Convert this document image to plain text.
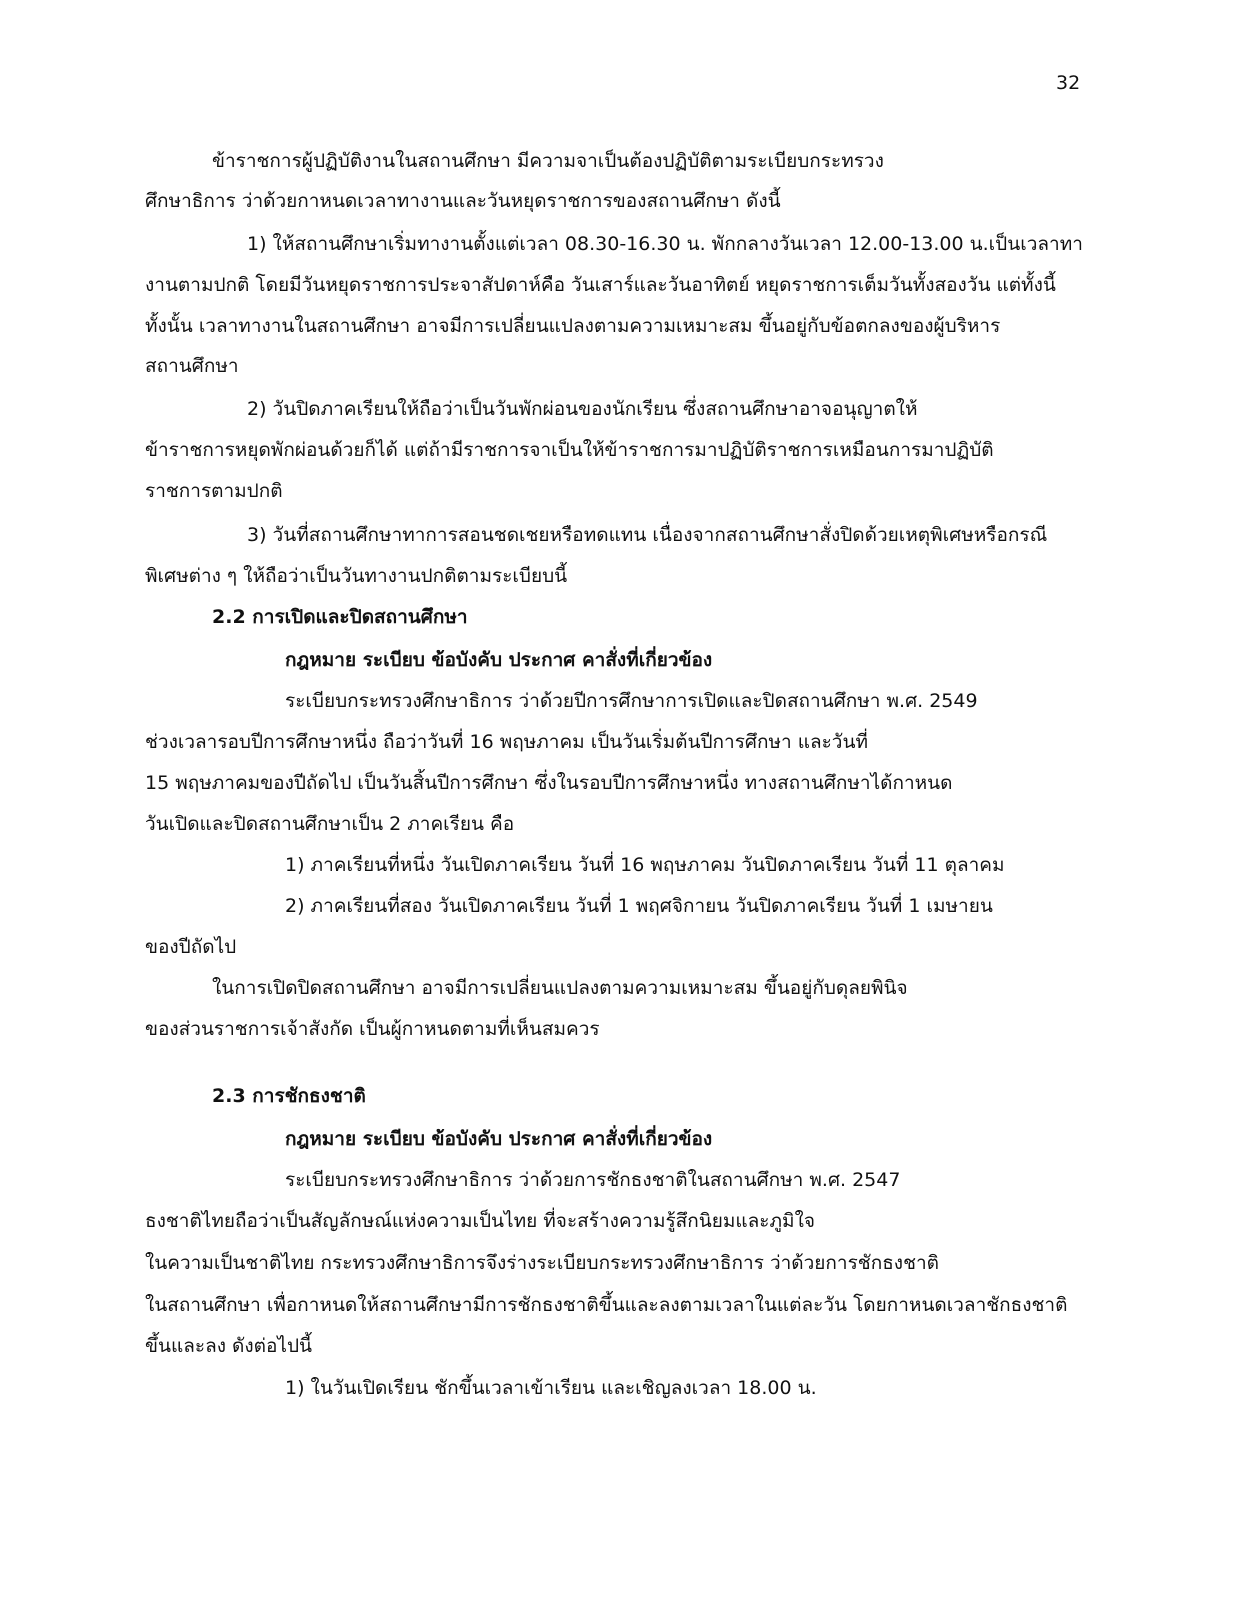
32
ข้าราชการผู้ปฏิบัติงานในสถานศึกษา มีความจาเป็นต้องปฏิบัติตามระเบียบกระทรวง
ศึกษาธิการ ว่าด้วยกาหนดเวลาทางานและวันหยุดราชการของสถานศึกษา ดังนี้
1) ให้สถานศึกษาเริ่มทางานตั้งแต่เวลา 08.30-16.30 น. พักกลางวันเวลา 12.00-13.00 น.เป็นเวลาทา
งานตามปกติ โดยมีวันหยุดราชการประจาสัปดาห์คือ วันเสาร์และวันอาทิตย์ หยุดราชการเต็มวันทั้งสองวัน แต่ทั้งนี้
ทั้งนั้น เวลาทางานในสถานศึกษา อาจมีการเปลี่ยนแปลงตามความเหมาะสม ขึ้นอยู่กับข้อตกลงของผู้บริหาร
สถานศึกษา
2) วันปิดภาคเรียนให้ถือว่าเป็นวันพักผ่อนของนักเรียน ซึ่งสถานศึกษาอาจอนุญาตให้
ข้าราชการหยุดพักผ่อนด้วยก็ได้ แต่ถ้ามีราชการจาเป็นให้ข้าราชการมาปฏิบัติราชการเหมือนการมาปฏิบัติ
ราชการตามปกติ
3) วันที่สถานศึกษาทาการสอนชดเชยหรือทดแทน เนื่องจากสถานศึกษาสั่งปิดด้วยเหตุพิเศษหรือกรณี
พิเศษต่าง ๆ ให้ถือว่าเป็นวันทางานปกติตามระเบียบนี้
2.2 การเปิดและปิดสถานศึกษา
กฎหมาย ระเบียบ ข้อบังคับ ประกาศ คาสั่งที่เกี่ยวข้อง
ระเบียบกระทรวงศึกษาธิการ ว่าด้วยปีการศึกษาการเปิดและปิดสถานศึกษา พ.ศ. 2549
ช่วงเวลารอบปีการศึกษาหนึ่ง ถือว่าวันที่ 16 พฤษภาคม เป็นวันเริ่มต้นปีการศึกษา และวันที่
15 พฤษภาคมของปีถัดไป เป็นวันสิ้นปีการศึกษา ซึ่งในรอบปีการศึกษาหนึ่ง ทางสถานศึกษาได้กาหนด
วันเปิดและปิดสถานศึกษาเป็น 2 ภาคเรียน คือ
1) ภาคเรียนที่หนึ่ง วันเปิดภาคเรียน วันที่ 16 พฤษภาคม วันปิดภาคเรียน วันที่ 11 ตุลาคม
2) ภาคเรียนที่สอง วันเปิดภาคเรียน วันที่ 1 พฤศจิกายน วันปิดภาคเรียน วันที่ 1 เมษายน
ของปีถัดไป
ในการเปิดปิดสถานศึกษา อาจมีการเปลี่ยนแปลงตามความเหมาะสม ขึ้นอยู่กับดุลยพินิจ
ของส่วนราชการเจ้าสังกัด เป็นผู้กาหนดตามที่เห็นสมควร
2.3 การชักธงชาติ
กฎหมาย ระเบียบ ข้อบังคับ ประกาศ คาสั่งที่เกี่ยวข้อง
ระเบียบกระทรวงศึกษาธิการ ว่าด้วยการชักธงชาติในสถานศึกษา พ.ศ. 2547
ธงชาติไทยถือว่าเป็นสัญลักษณ์แห่งความเป็นไทย ที่จะสร้างความรู้สึกนิยมและภูมิใจ
ในความเป็นชาติไทย กระทรวงศึกษาธิการจึงร่างระเบียบกระทรวงศึกษาธิการ ว่าด้วยการชักธงชาติ
ในสถานศึกษา เพื่อกาหนดให้สถานศึกษามีการชักธงชาติขึ้นและลงตามเวลาในแต่ละวัน โดยกาหนดเวลาชักธงชาติ
ขึ้นและลง ดังต่อไปนี้
1) ในวันเปิดเรียน ชักขึ้นเวลาเข้าเรียน และเชิญลงเวลา 18.00 น.
